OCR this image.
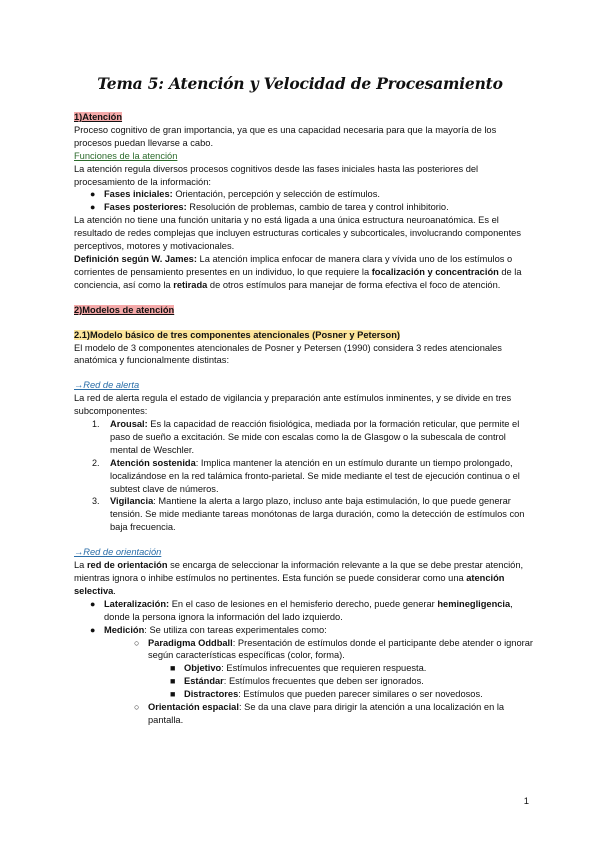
Tema 5: Atención y Velocidad de Procesamiento

1)Atención

Proceso cognitivo de gran importancia, ya que es una capacidad necesaria para que la mayoría de los procesos puedan llevarse a cabo.

Funciones de la atención

La atención regula diversos procesos cognitivos desde las fases iniciales hasta las posteriores del procesamiento de la información:

● Fases iniciales: Orientación, percepción y selección de estímulos.
● Fases posteriores: Resolución de problemas, cambio de tarea y control inhibitorio.

La atención no tiene una función unitaria y no está ligada a una única estructura neuroanatómica. Es el resultado de redes complejas que incluyen estructuras corticales y subcorticales, involucrando componentes perceptivos, motores y motivacionales.

Definición según W. James: La atención implica enfocar de manera clara y vívida uno de los estímulos o corrientes de pensamiento presentes en un individuo, lo que requiere la focalización y concentración de la conciencia, así como la retirada de otros estímulos para manejar de forma efectiva el foco de atención.

2)Modelos de atención

2.1)Modelo básico de tres componentes atencionales (Posner y Peterson)

El modelo de 3 componentes atencionales de Posner y Petersen (1990) considera 3 redes atencionales anatómica y funcionalmente distintas:

→Red de alerta

La red de alerta regula el estado de vigilancia y preparación ante estímulos inminentes, y se divide en tres subcomponentes:

1. Arousal: Es la capacidad de reacción fisiológica, mediada por la formación reticular, que permite el paso de sueño a excitación. Se mide con escalas como la de Glasgow o la subescala de control mental de Weschler.
2. Atención sostenida: Implica mantener la atención en un estímulo durante un tiempo prolongado, localizándose en la red talámica fronto-parietal. Se mide mediante el test de ejecución continua o el subtest clave de números.
3. Vigilancia: Mantiene la alerta a largo plazo, incluso ante baja estimulación, lo que puede generar tensión. Se mide mediante tareas monótonas de larga duración, como la detección de estímulos con baja frecuencia.

→Red de orientación

La red de orientación se encarga de seleccionar la información relevante a la que se debe prestar atención, mientras ignora o inhibe estímulos no pertinentes. Esta función se puede considerar como una atención selectiva.

● Lateralización: En el caso de lesiones en el hemisferio derecho, puede generar heminegligencia, donde la persona ignora la información del lado izquierdo.
● Medición: Se utiliza con tareas experimentales como:
○ Paradigma Oddball: Presentación de estímulos donde el participante debe atender o ignorar según características específicas (color, forma).
■ Objetivo: Estímulos infrecuentes que requieren respuesta.
■ Estándar: Estímulos frecuentes que deben ser ignorados.
■ Distractores: Estímulos que pueden parecer similares o ser novedosos.
○ Orientación espacial: Se da una clave para dirigir la atención a una localización en la pantalla.
1
